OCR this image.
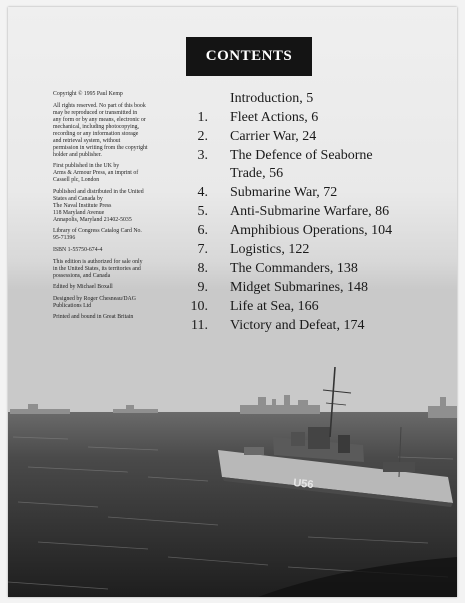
U56
CONTENTS

Copyright © 1995 Paul Kemp

All rights reserved. No part of this book
may be reproduced or transmitted in
any form or by any means, electronic or
mechanical, including photocopying,
recording or any information storage
and retrieval system, without
permission in writing from the copyright
holder and publisher.

First published in the UK by
Arms & Armour Press, an imprint of
Cassell plc, London

Published and distributed in the United
States and Canada by
The Naval Institute Press
118 Maryland Avenue
Annapolis, Maryland 21402-5035

Library of Congress Catalog Card No.
95-71396

ISBN 1-55750-674-4

This edition is authorized for sale only
in the United States, its territories and
possessions, and Canada

Edited by Michael Boxall

Designed by Roger Chesneau/DAG
Publications Ltd

Printed and bound in Great Britain

Introduction, 5
1. Fleet Actions, 6
2. Carrier War, 24
3. The Defence of Seaborne
Trade, 56
4. Submarine War, 72
5. Anti-Submarine Warfare, 86
6. Amphibious Operations, 104
7. Logistics, 122
8. The Commanders, 138
9. Midget Submarines, 148
10. Life at Sea, 166
11. Victory and Defeat, 174
